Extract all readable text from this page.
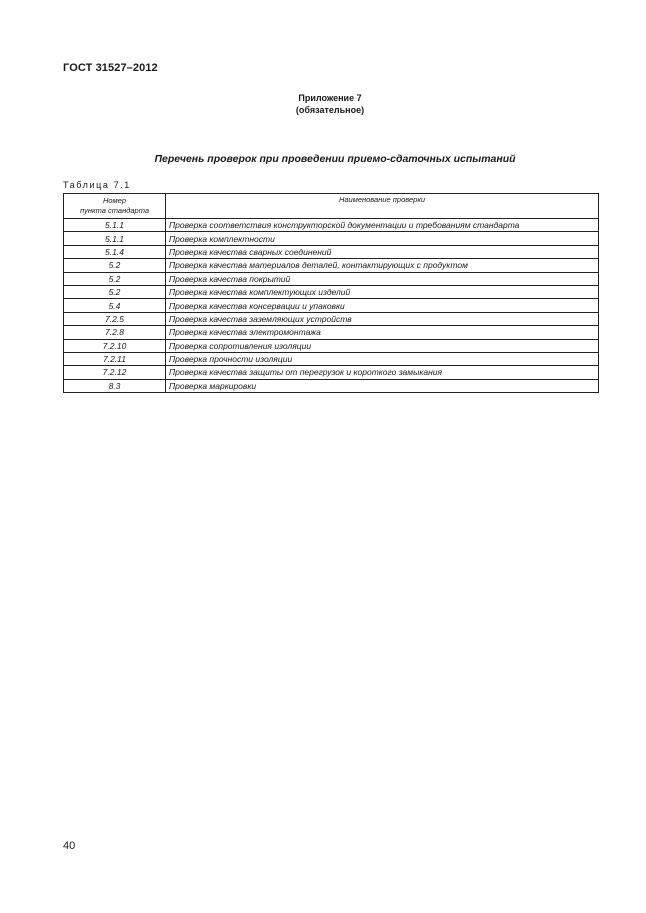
ГОСТ 31527–2012
Приложение 7
(обязательное)
Перечень проверок при проведении приемо-сдаточных испытаний
Таблица 7.1
Номер
пункта стандарта	Наименование проверки
5.1.1	Проверка соответствия конструкторской документации и требованиям стандарта
5.1.1	Проверка комплектности
5.1.4	Проверка качества сварных соединений
5.2	Проверка качества материалов деталей, контактирующих с продуктом
5.2	Проверка качества покрытий
5.2	Проверка качества комплектующих изделий
5.4	Проверка качества консервации и упаковки
7.2.5	Проверка качества заземляющих устройств
7.2.8	Проверка качества электромонтажа
7.2.10	Проверка сопротивления изоляции
7.2.11	Проверка прочности изоляции
7.2.12	Проверка качества защиты от перегрузок и короткого замыкания
8.3	Проверка маркировки
40
